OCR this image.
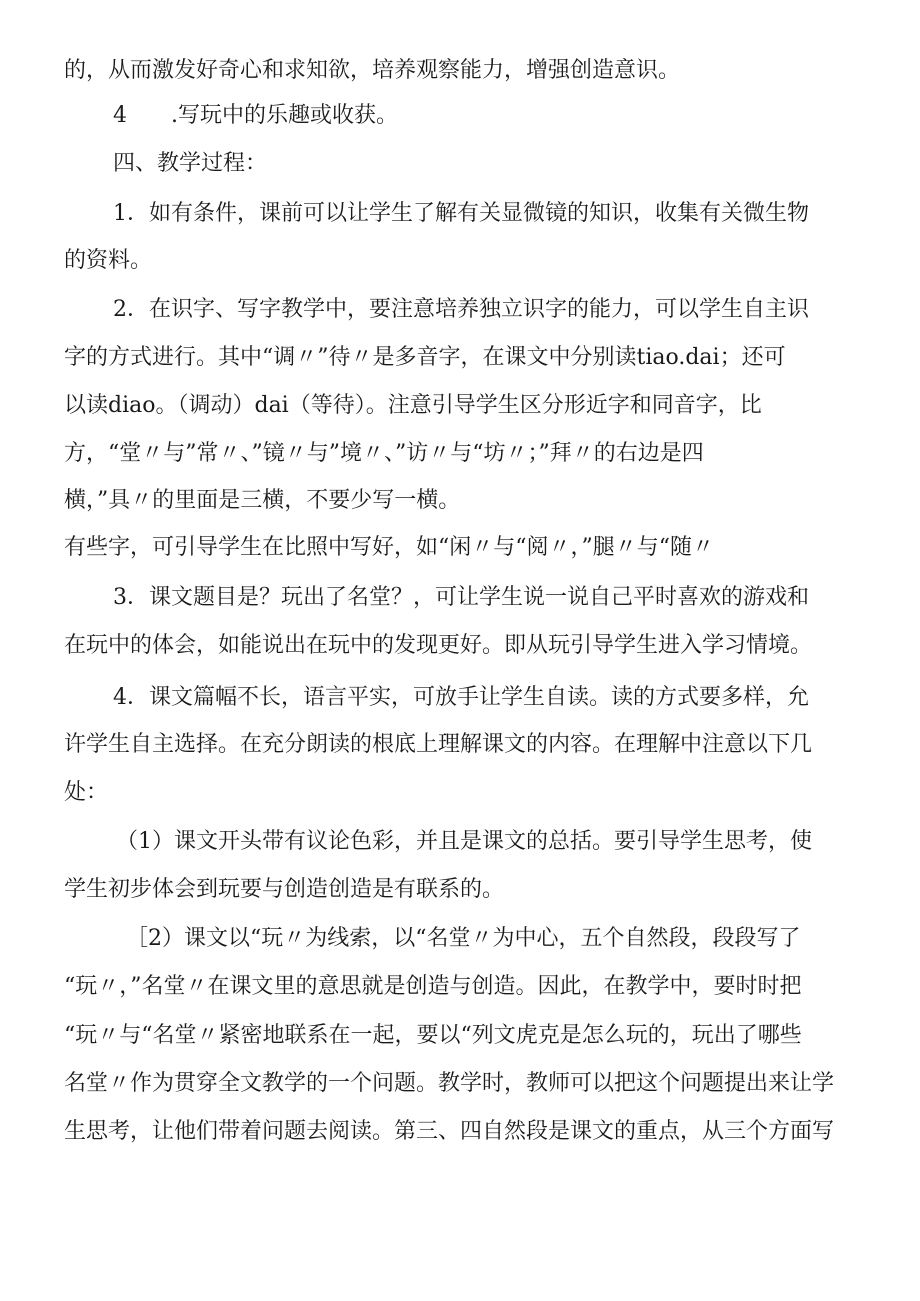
的，从而激发好奇心和求知欲，培养观察能力，增强创造意识。

4 .写玩中的乐趣或收获。

四、教学过程：

1．如有条件，课前可以让学生了解有关显微镜的知识，收集有关微生物

的资料。

2．在识字、写字教学中，要注意培养独立识字的能力，可以学生自主识

字的方式进行。其中“调〃”待〃是多音字，在课文中分别读tiao.dai；还可

以读diao。（调动）dai（等待）。注意引导学生区分形近字和同音字，比

方，“堂〃与”常〃、”镜〃与”境〃、”访〃与“坊〃；”拜〃的右边是四

横，”具〃的里面是三横，不要少写一横。

有些字，可引导学生在比照中写好，如“闲〃与“阅〃，”腿〃与“随〃

3．课文题目是？玩出了名堂？，可让学生说一说自己平时喜欢的游戏和

在玩中的体会，如能说出在玩中的发现更好。即从玩引导学生进入学习情境。

4．课文篇幅不长，语言平实，可放手让学生自读。读的方式要多样，允

许学生自主选择。在充分朗读的根底上理解课文的内容。在理解中注意以下几

处：

（1）课文开头带有议论色彩，并且是课文的总括。要引导学生思考，使

学生初步体会到玩要与创造创造是有联系的。

［2）课文以“玩〃为线索，以“名堂〃为中心，五个自然段，段段写了

“玩〃，”名堂〃在课文里的意思就是创造与创造。因此，在教学中，要时时把

“玩〃与“名堂〃紧密地联系在一起，要以“列文虎克是怎么玩的，玩出了哪些

名堂〃作为贯穿全文教学的一个问题。教学时，教师可以把这个问题提出来让学

生思考，让他们带着问题去阅读。第三、四自然段是课文的重点，从三个方面写
